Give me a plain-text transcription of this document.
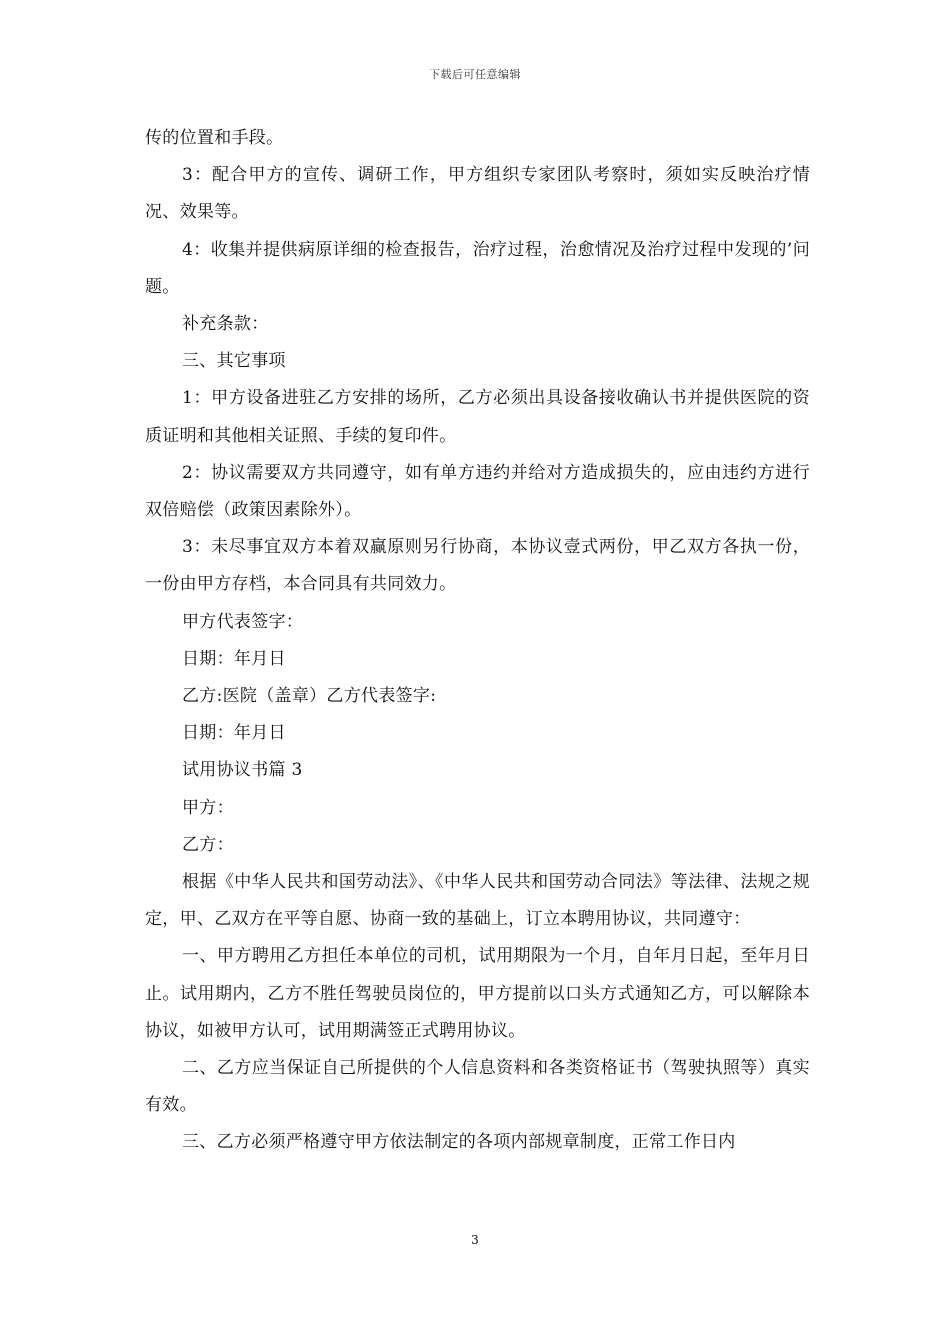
下载后可任意编辑

传的位置和手段。

3：配合甲方的宣传、调研工作，甲方组织专家团队考察时，须如实反映治疗情况、效果等。

4：收集并提供病原详细的检查报告，治疗过程，治愈情况及治疗过程中发现的’问题。

补充条款：

三、其它事项

1：甲方设备进驻乙方安排的场所，乙方必须出具设备接收确认书并提供医院的资质证明和其他相关证照、手续的复印件。

2：协议需要双方共同遵守，如有单方违约并给对方造成损失的，应由违约方进行双倍赔偿（政策因素除外）。

3：未尽事宜双方本着双赢原则另行协商，本协议壹式两份，甲乙双方各执一份，一份由甲方存档，本合同具有共同效力。

甲方代表签字：

日期：年月日

乙方:医院（盖章）乙方代表签字:

日期：年月日

试用协议书篇 3

甲方：

乙方：

根据《中华人民共和国劳动法》、《中华人民共和国劳动合同法》等法律、法规之规定，甲、乙双方在平等自愿、协商一致的基础上，订立本聘用协议，共同遵守：

一、甲方聘用乙方担任本单位的司机，试用期限为一个月，自年月日起，至年月日止。试用期内，乙方不胜任驾驶员岗位的，甲方提前以口头方式通知乙方，可以解除本协议，如被甲方认可，试用期满签正式聘用协议。

二、乙方应当保证自己所提供的个人信息资料和各类资格证书（驾驶执照等）真实有效。

三、乙方必须严格遵守甲方依法制定的各项内部规章制度，正常工作日内

3
